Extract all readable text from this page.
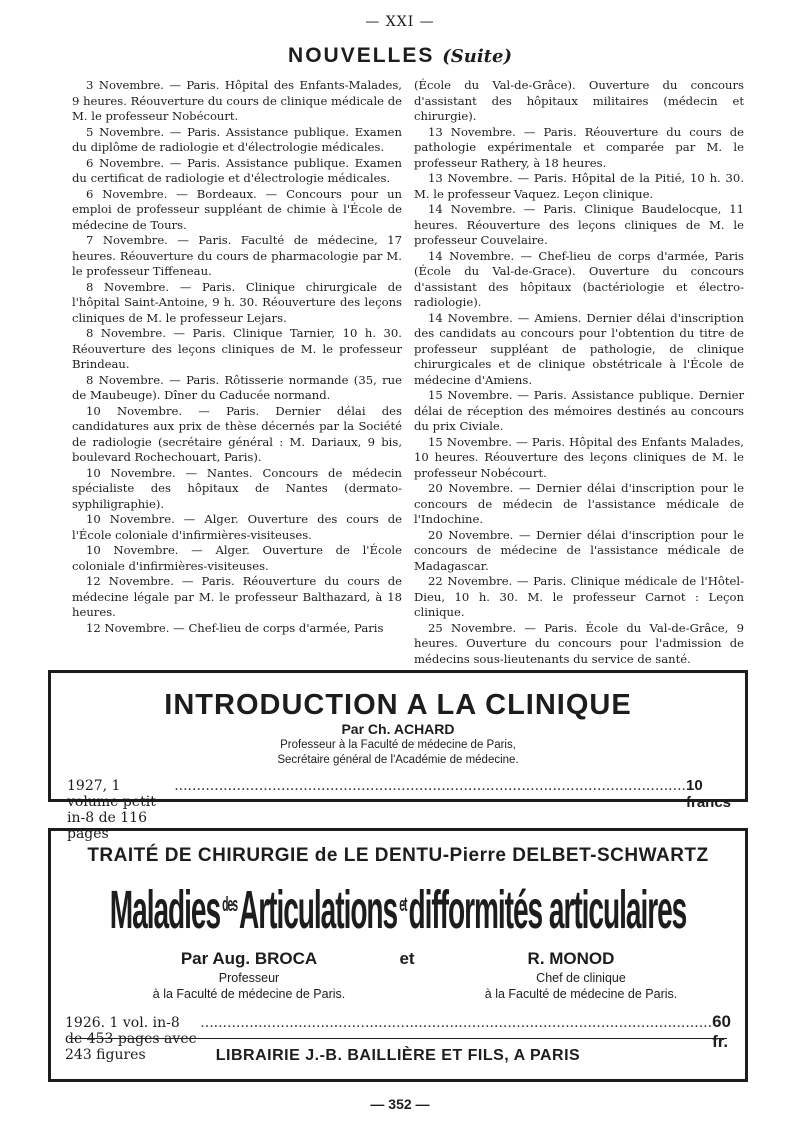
— XXI —
NOUVELLES (Suite)

3 Novembre. — Paris. Hôpital des Enfants-Malades, 9 heures. Réouverture du cours de clinique médicale de M. le professeur Nobécourt.

5 Novembre. — Paris. Assistance publique. Examen du diplôme de radiologie et d'électrologie médicales.

6 Novembre. — Paris. Assistance publique. Examen du certificat de radiologie et d'électrologie médicales.

6 Novembre. — Bordeaux. — Concours pour un emploi de professeur suppléant de chimie à l'École de médecine de Tours.

7 Novembre. — Paris. Faculté de médecine, 17 heures. Réouverture du cours de pharmacologie par M. le professeur Tiffeneau.

8 Novembre. — Paris. Clinique chirurgicale de l'hôpital Saint-Antoine, 9 h. 30. Réouverture des leçons cliniques de M. le professeur Lejars.

8 Novembre. — Paris. Clinique Tarnier, 10 h. 30. Réouverture des leçons cliniques de M. le professeur Brindeau.

8 Novembre. — Paris. Rôtisserie normande (35, rue de Maubeuge). Dîner du Caducée normand.

10 Novembre. — Paris. Dernier délai des candidatures aux prix de thèse décernés par la Société de radiologie (secrétaire général : M. Dariaux, 9 bis, boulevard Rochechouart, Paris).

10 Novembre. — Nantes. Concours de médecin spécialiste des hôpitaux de Nantes (dermato-syphiligraphie).

10 Novembre. — Alger. Ouverture des cours de l'École coloniale d'infirmières-visiteuses.

10 Novembre. — Alger. Ouverture de l'École coloniale d'infirmières-visiteuses.

12 Novembre. — Paris. Réouverture du cours de médecine légale par M. le professeur Balthazard, à 18 heures.

12 Novembre. — Chef-lieu de corps d'armée, Paris

(École du Val-de-Grâce). Ouverture du concours d'assistant des hôpitaux militaires (médecin et chirurgie).

13 Novembre. — Paris. Réouverture du cours de pathologie expérimentale et comparée par M. le professeur Rathery, à 18 heures.

13 Novembre. — Paris. Hôpital de la Pitié, 10 h. 30. M. le professeur Vaquez. Leçon clinique.

14 Novembre. — Paris. Clinique Baudelocque, 11 heures. Réouverture des leçons cliniques de M. le professeur Couvelaire.

14 Novembre. — Chef-lieu de corps d'armée, Paris (École du Val-de-Grace). Ouverture du concours d'assistant des hôpitaux (bactériologie et électro-radiologie).

14 Novembre. — Amiens. Dernier délai d'inscription des candidats au concours pour l'obtention du titre de professeur suppléant de pathologie, de clinique chirurgicales et de clinique obstétricale à l'École de médecine d'Amiens.

15 Novembre. — Paris. Assistance publique. Dernier délai de réception des mémoires destinés au concours du prix Civiale.

15 Novembre. — Paris. Hôpital des Enfants Malades, 10 heures. Réouverture des leçons cliniques de M. le professeur Nobécourt.

20 Novembre. — Dernier délai d'inscription pour le concours de médecin de l'assistance médicale de l'Indochine.

20 Novembre. — Dernier délai d'inscription pour le concours de médecine de l'assistance médicale de Madagascar.

22 Novembre. — Paris. Clinique médicale de l'Hôtel-Dieu, 10 h. 30. M. le professeur Carnot : Leçon clinique.

25 Novembre. — Paris. École du Val-de-Grâce, 9 heures. Ouverture du concours pour l'admission de médecins sous-lieutenants du service de santé.

INTRODUCTION A LA CLINIQUE
Par Ch. ACHARD
Professeur à la Faculté de médecine de Paris,
Secrétaire général de l'Académie de médecine.
1927, 1 volume petit in-8 de 116 pages
................................................................................................................... 10 francs
TRAITÉ DE CHIRURGIE de LE DENTU-Pierre DELBET-SCHWARTZ
Maladies des Articulations et difformités articulaires
Par Aug. BROCA	et	R. MONOD
Professeur
à la Faculté de médecine de Paris.
Chef de clinique
à la Faculté de médecine de Paris.
1926. 1 vol. in-8 de 453 pages avec 243 figures
................................................................................................................... 60 fr.
LIBRAIRIE J.-B. BAILLIÈRE ET FILS, A PARIS
— 352 —
